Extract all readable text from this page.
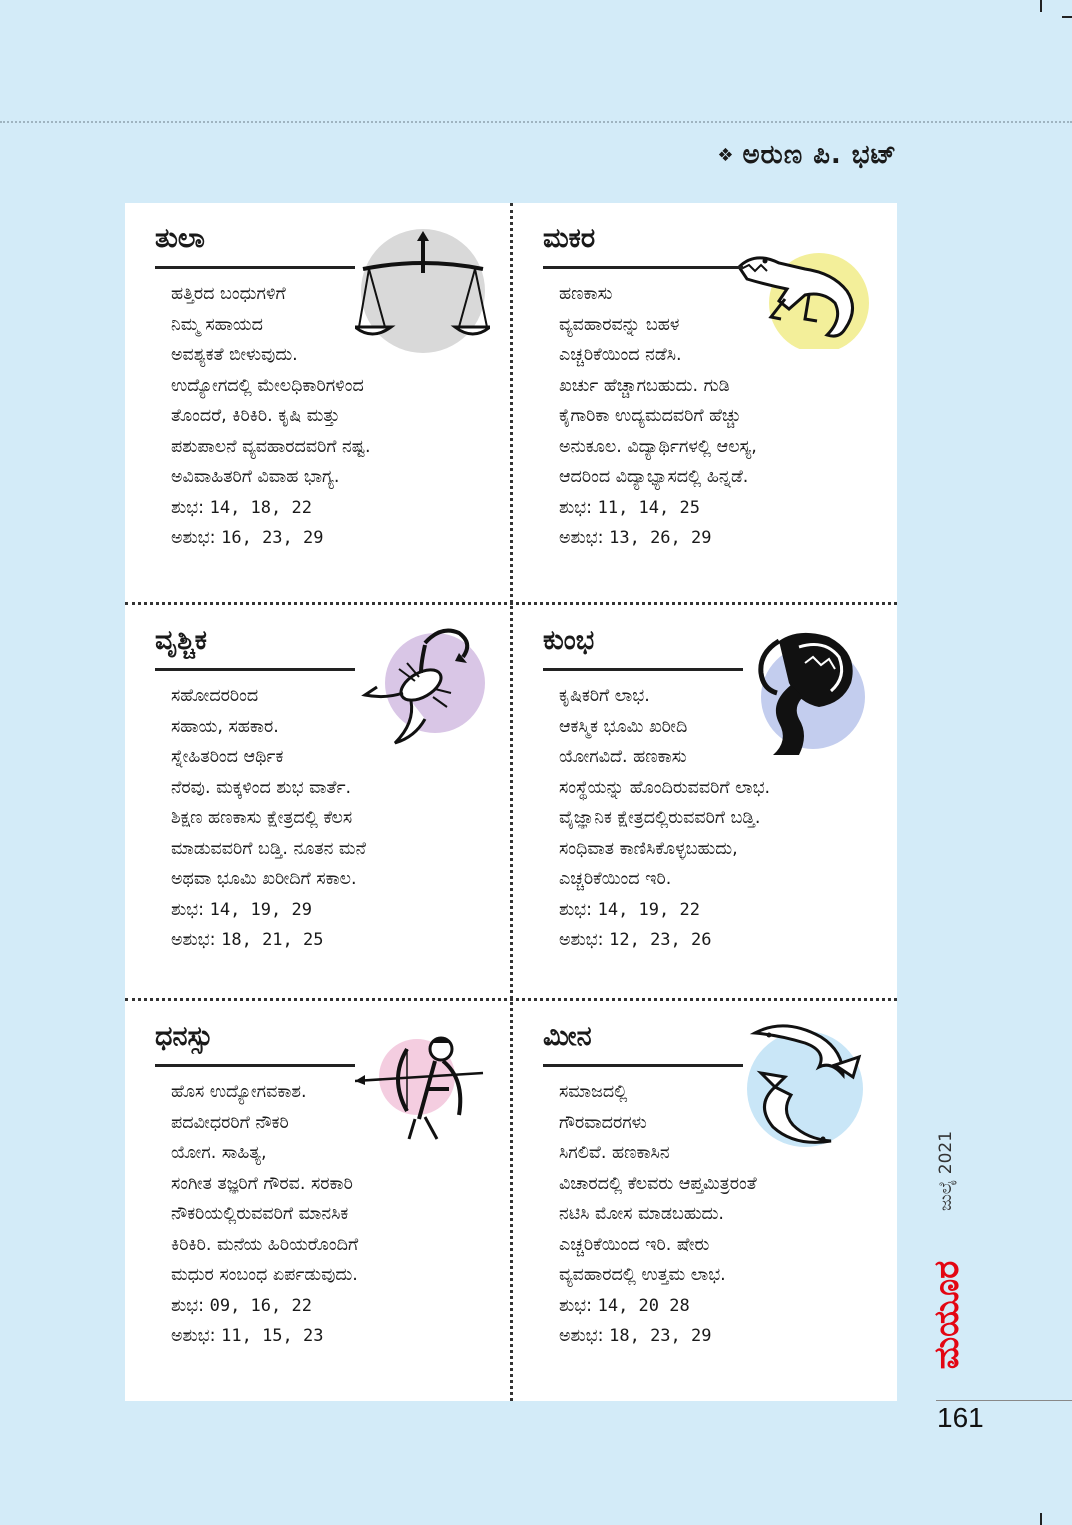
❖ ಅರುಣ ಪಿ. ಭಟ್
ತುಲಾ

ಹತ್ತಿರದ ಬಂಧುಗಳಿಗೆ

ನಿಮ್ಮ ಸಹಾಯದ

ಅವಶ್ಯಕತೆ ಬೀಳುವುದು.

ಉದ್ಯೋಗದಲ್ಲಿ ಮೇಲಧಿಕಾರಿಗಳಿಂದ

ತೊಂದರೆ, ಕಿರಿಕಿರಿ. ಕೃಷಿ ಮತ್ತು

ಪಶುಪಾಲನೆ ವ್ಯವಹಾರದವರಿಗೆ ನಷ್ಟ.

ಅವಿವಾಹಿತರಿಗೆ ವಿವಾಹ ಭಾಗ್ಯ.

ಶುಭ: 14, 18, 22

ಅಶುಭ: 16, 23, 29

ಮಕರ

ಹಣಕಾಸು

ವ್ಯವಹಾರವನ್ನು ಬಹಳ

ಎಚ್ಚರಿಕೆಯಿಂದ ನಡೆಸಿ.

ಖರ್ಚು ಹೆಚ್ಚಾಗಬಹುದು. ಗುಡಿ

ಕೈಗಾರಿಕಾ ಉದ್ಯಮದವರಿಗೆ ಹೆಚ್ಚು

ಅನುಕೂಲ. ವಿದ್ಯಾರ್ಥಿಗಳಲ್ಲಿ ಆಲಸ್ಯ,

ಆದರಿಂದ ವಿದ್ಯಾಭ್ಯಾಸದಲ್ಲಿ ಹಿನ್ನಡೆ.

ಶುಭ: 11, 14, 25

ಅಶುಭ: 13, 26, 29

ವೃಶ್ಚಿಕ

ಸಹೋದರರಿಂದ

ಸಹಾಯ, ಸಹಕಾರ.

ಸ್ನೇಹಿತರಿಂದ ಆರ್ಥಿಕ

ನೆರವು. ಮಕ್ಕಳಿಂದ ಶುಭ ವಾರ್ತೆ.

ಶಿಕ್ಷಣ ಹಣಕಾಸು ಕ್ಷೇತ್ರದಲ್ಲಿ ಕೆಲಸ

ಮಾಡುವವರಿಗೆ ಬಡ್ತಿ. ನೂತನ ಮನೆ

ಅಥವಾ ಭೂಮಿ ಖರೀದಿಗೆ ಸಕಾಲ.

ಶುಭ: 14, 19, 29

ಅಶುಭ: 18, 21, 25

ಕುಂಭ

ಕೃಷಿಕರಿಗೆ ಲಾಭ.

ಆಕಸ್ಮಿಕ ಭೂಮಿ ಖರೀದಿ

ಯೋಗವಿದೆ. ಹಣಕಾಸು

ಸಂಸ್ಥೆಯನ್ನು ಹೊಂದಿರುವವರಿಗೆ ಲಾಭ.

ವೈಜ್ಞಾನಿಕ ಕ್ಷೇತ್ರದಲ್ಲಿರುವವರಿಗೆ ಬಡ್ತಿ.

ಸಂಧಿವಾತ ಕಾಣಿಸಿಕೊಳ್ಳಬಹುದು,

ಎಚ್ಚರಿಕೆಯಿಂದ ಇರಿ.

ಶುಭ: 14, 19, 22

ಅಶುಭ: 12, 23, 26

ಧನಸ್ಸು

ಹೊಸ ಉದ್ಯೋಗವಕಾಶ.

ಪದವೀಧರರಿಗೆ ನೌಕರಿ

ಯೋಗ. ಸಾಹಿತ್ಯ,

ಸಂಗೀತ ತಜ್ಞರಿಗೆ ಗೌರವ. ಸರಕಾರಿ

ನೌಕರಿಯಲ್ಲಿರುವವರಿಗೆ ಮಾನಸಿಕ

ಕಿರಿಕಿರಿ. ಮನೆಯ ಹಿರಿಯರೊಂದಿಗೆ

ಮಧುರ ಸಂಬಂಧ ಏರ್ಪಡುವುದು.

ಶುಭ: 09, 16, 22

ಅಶುಭ: 11, 15, 23

ಮೀನ

ಸಮಾಜದಲ್ಲಿ

ಗೌರವಾದರಗಳು

ಸಿಗಲಿವೆ. ಹಣಕಾಸಿನ

ವಿಚಾರದಲ್ಲಿ ಕೆಲವರು ಆಪ್ತಮಿತ್ರರಂತೆ

ನಟಿಸಿ ಮೋಸ ಮಾಡಬಹುದು.

ಎಚ್ಚರಿಕೆಯಿಂದ ಇರಿ. ಷೇರು

ವ್ಯವಹಾರದಲ್ಲಿ ಉತ್ತಮ ಲಾಭ.

ಶುಭ: 14, 20 28

ಅಶುಭ: 18, 23, 29

ಜುಲೈ 2021
ಮಯೂರ
161
